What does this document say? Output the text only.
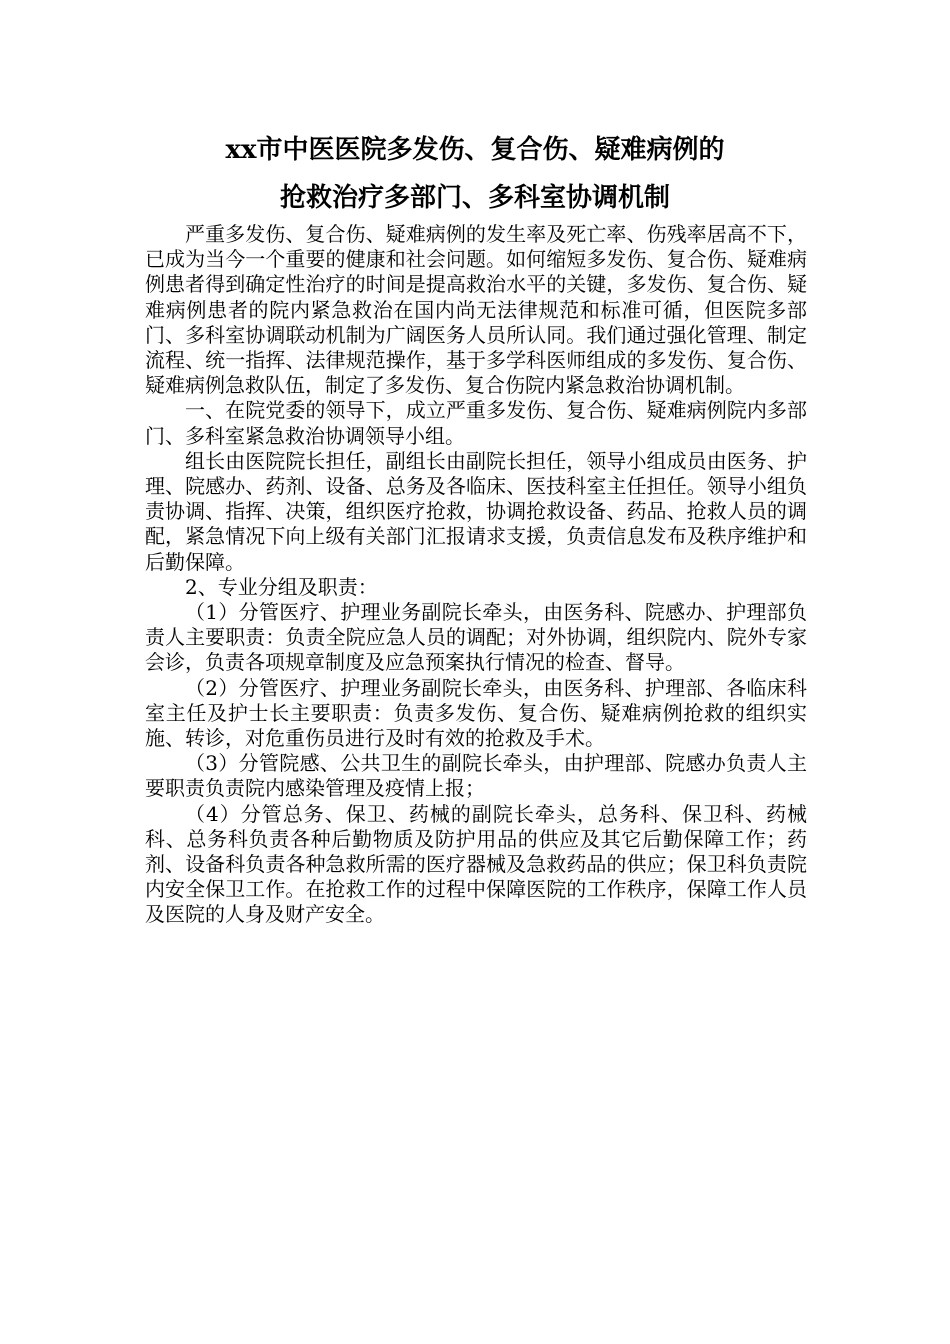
xx市中医医院多发伤、复合伤、疑难病例的
抢救治疗多部门、多科室协调机制

严重多发伤、复合伤、疑难病例的发生率及死亡率、伤残率居高不下，已成为当今一个重要的健康和社会问题。如何缩短多发伤、复合伤、疑难病例患者得到确定性治疗的时间是提高救治水平的关键，多发伤、复合伤、疑难病例患者的院内紧急救治在国内尚无法律规范和标准可循，但医院多部门、多科室协调联动机制为广阔医务人员所认同。我们通过强化管理、制定流程、统一指挥、法律规范操作，基于多学科医师组成的多发伤、复合伤、疑难病例急救队伍，制定了多发伤、复合伤院内紧急救治协调机制。

一、在院党委的领导下，成立严重多发伤、复合伤、疑难病例院内多部门、多科室紧急救治协调领导小组。

组长由医院院长担任，副组长由副院长担任，领导小组成员由医务、护理、院感办、药剂、设备、总务及各临床、医技科室主任担任。领导小组负责协调、指挥、决策，组织医疗抢救，协调抢救设备、药品、抢救人员的调配，紧急情况下向上级有关部门汇报请求支援，负责信息发布及秩序维护和后勤保障。

2、专业分组及职责：

（1）分管医疗、护理业务副院长牵头，由医务科、院感办、护理部负责人主要职责：负责全院应急人员的调配；对外协调，组织院内、院外专家会诊，负责各项规章制度及应急预案执行情况的检查、督导。

（2）分管医疗、护理业务副院长牵头，由医务科、护理部、各临床科室主任及护士长主要职责：负责多发伤、复合伤、疑难病例抢救的组织实施、转诊，对危重伤员进行及时有效的抢救及手术。

（3）分管院感、公共卫生的副院长牵头，由护理部、院感办负责人主要职责负责院内感染管理及疫情上报；

（4）分管总务、保卫、药械的副院长牵头，总务科、保卫科、药械科、总务科负责各种后勤物质及防护用品的供应及其它后勤保障工作；药剂、设备科负责各种急救所需的医疗器械及急救药品的供应；保卫科负责院内安全保卫工作。在抢救工作的过程中保障医院的工作秩序，保障工作人员及医院的人身及财产安全。
